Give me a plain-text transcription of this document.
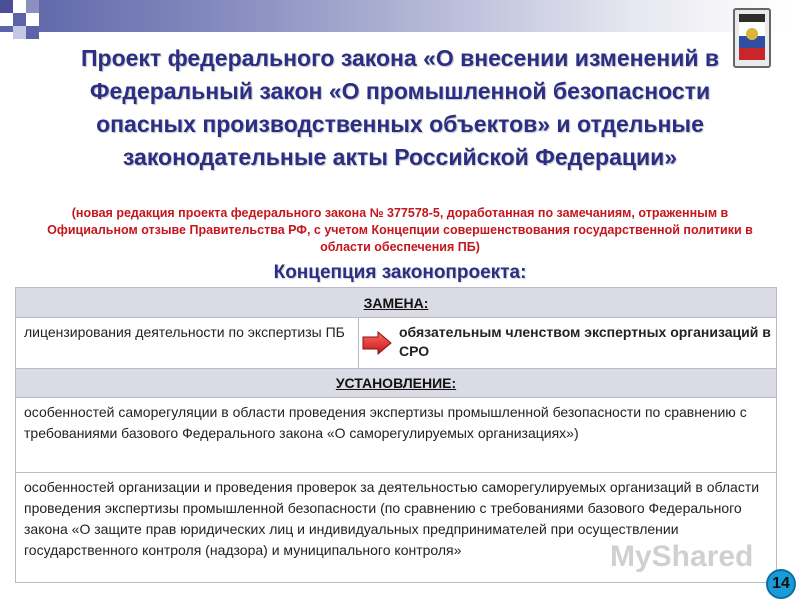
Проект федерального закона «О внесении изменений в Федеральный закон «О промышленной безопасности опасных производственных объектов» и отдельные законодательные акты Российской Федерации»
(новая редакция проекта федерального закона № 377578-5, доработанная по замечаниям, отраженным в Официальном отзыве Правительства РФ, с учетом Концепции совершенствования государственной политики в области обеспечения ПБ)
Концепция законопроекта:
ЗАМЕНА:
лицензирования деятельности по экспертизы ПБ	обязательным членством экспертных организаций в СРО
УСТАНОВЛЕНИЕ:
особенностей саморегуляции в области проведения экспертизы промышленной безопасности по сравнению с требованиями базового Федерального закона «О саморегулируемых организациях»)
особенностей организации и проведения проверок за деятельностью саморегулируемых организаций в области проведения экспертизы промышленной безопасности (по сравнению с требованиями базового Федерального закона «О защите прав юридических лиц и индивидуальных предпринимателей при осуществлении государственного контроля (надзора) и муниципального контроля»	MyShared
14
